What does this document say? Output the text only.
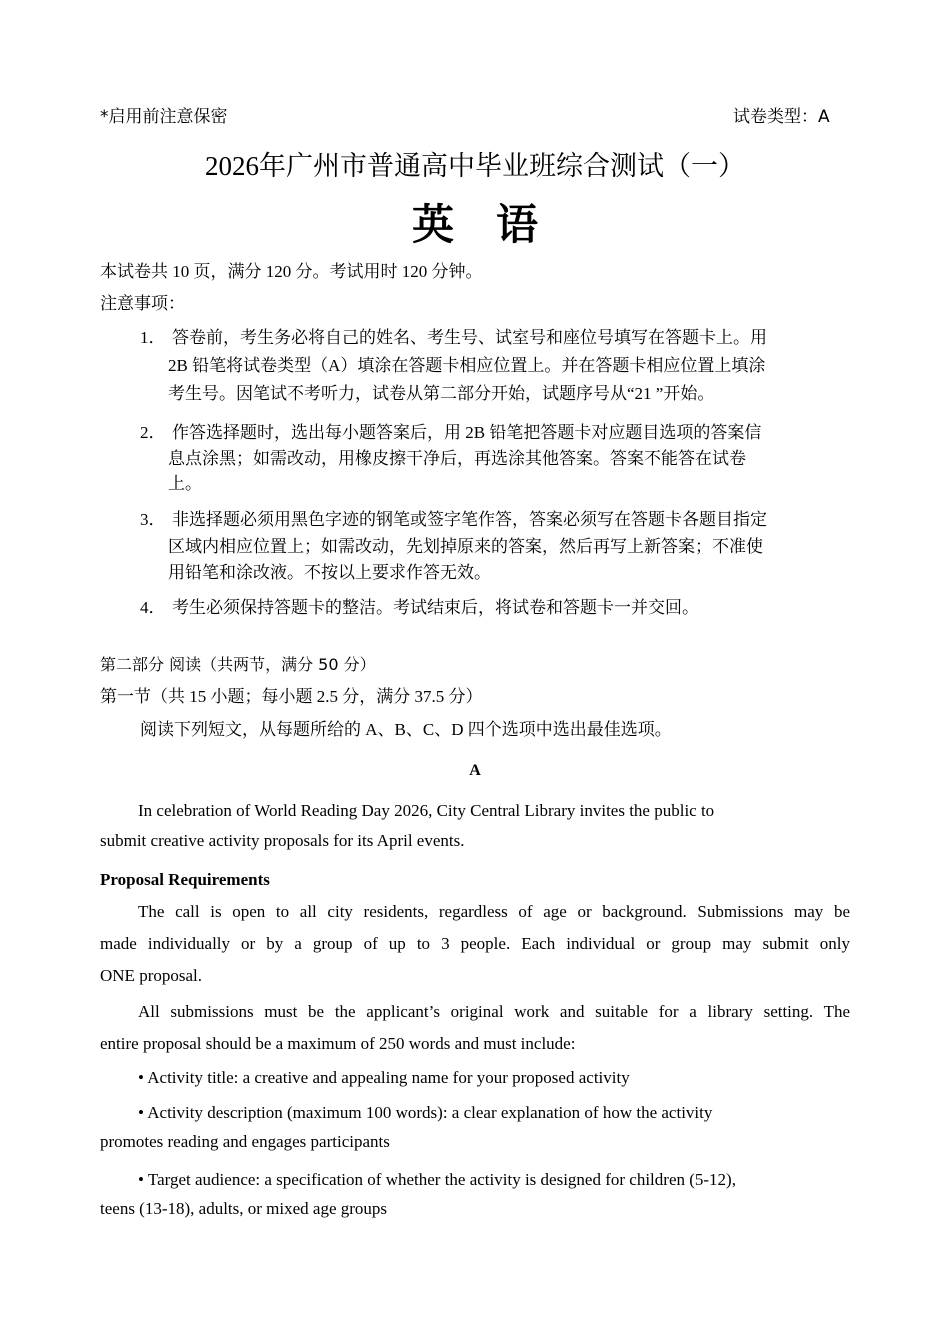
*启用前注意保密	试卷类型：A
2026年广州市普通高中毕业班综合测试（一）
英　语
本试卷共 10 页，满分 120 分。考试用时 120 分钟。
注意事项：
1． 答卷前，考生务必将自己的姓名、考生号、试室号和座位号填写在答题卡上。用
2B 铅笔将试卷类型（A）填涂在答题卡相应位置上。并在答题卡相应位置上填涂
考生号。因笔试不考听力，试卷从第二部分开始，试题序号从“21 ”开始。
2． 作答选择题时，选出每小题答案后，用 2B 铅笔把答题卡对应题目选项的答案信
息点涂黑；如需改动，用橡皮擦干净后，再选涂其他答案。答案不能答在试卷
上。
3． 非选择题必须用黑色字迹的钢笔或签字笔作答，答案必须写在答题卡各题目指定
区域内相应位置上；如需改动，先划掉原来的答案，然后再写上新答案；不准使
用铅笔和涂改液。不按以上要求作答无效。
4． 考生必须保持答题卡的整洁。考试结束后，将试卷和答题卡一并交回。
第二部分 阅读（共两节，满分 50 分）
第一节（共 15 小题；每小题 2.5 分，满分 37.5 分）
阅读下列短文，从每题所给的 A、B、C、D 四个选项中选出最佳选项。
A
In celebration of World Reading Day 2026, City Central Library invites the public to
submit creative activity proposals for its April events.
Proposal Requirements
The call is open to all city residents, regardless of age or background. Submissions may be
made individually or by a group of up to 3 people. Each individual or group may submit only
ONE proposal.
All submissions must be the applicant’s original work and suitable for a library setting. The
entire proposal should be a maximum of 250 words and must include:
• Activity title: a creative and appealing name for your proposed activity
• Activity description (maximum 100 words): a clear explanation of how the activity
promotes reading and engages participants
• Target audience: a specification of whether the activity is designed for children (5-12),
teens (13-18), adults, or mixed age groups
